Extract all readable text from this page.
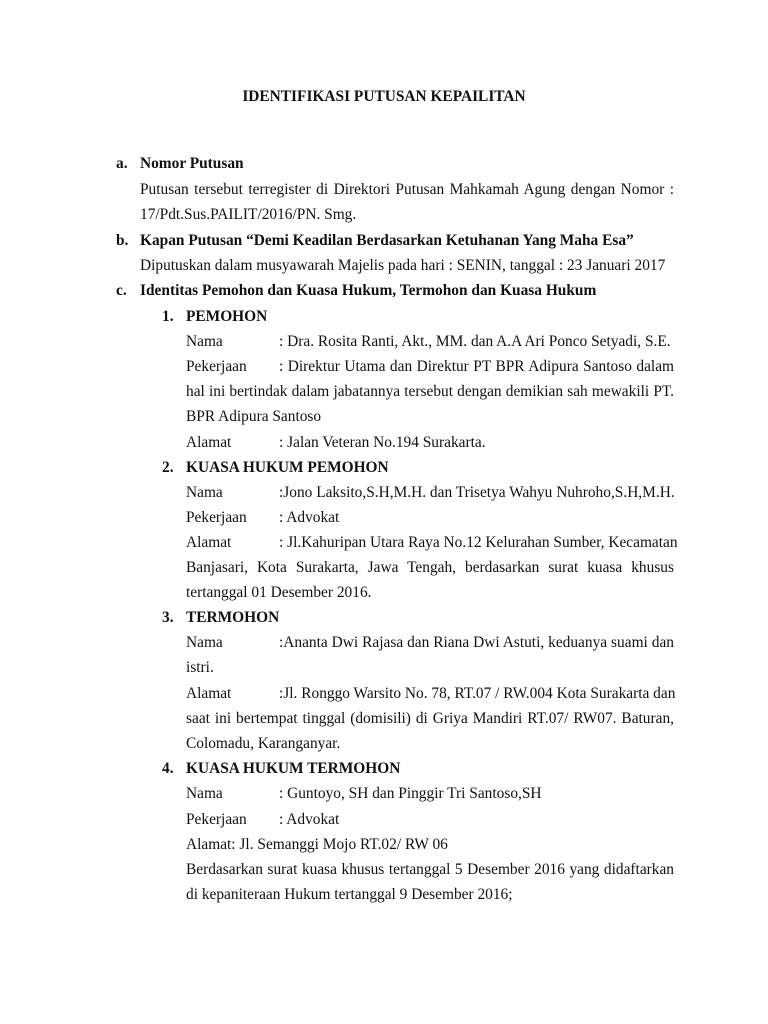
IDENTIFIKASI PUTUSAN KEPAILITAN
a. Nomor Putusan
Putusan tersebut terregister di Direktori Putusan Mahkamah Agung dengan Nomor :
17/Pdt.Sus.PAILIT/2016/PN. Smg.
b. Kapan Putusan “Demi Keadilan Berdasarkan Ketuhanan Yang Maha Esa”
Diputuskan dalam musyawarah Majelis pada hari : SENIN, tanggal : 23 Januari 2017
c. Identitas Pemohon dan Kuasa Hukum, Termohon dan Kuasa Hukum
1. PEMOHON
Nama	: Dra. Rosita Ranti, Akt., MM. dan A.A Ari Ponco Setyadi, S.E.
Pekerjaan : Direktur Utama dan Direktur PT BPR Adipura Santoso dalam
hal ini bertindak dalam jabatannya tersebut dengan demikian sah mewakili PT.
BPR Adipura Santoso
Alamat	: Jalan Veteran No.194 Surakarta.
2. KUASA HUKUM PEMOHON
Nama	:Jono Laksito,S.H,M.H. dan Trisetya Wahyu Nuhroho,S.H,M.H.
Pekerjaan : Advokat
Alamat	: Jl.Kahuripan Utara Raya No.12 Kelurahan Sumber, Kecamatan
Banjasari, Kota Surakarta, Jawa Tengah, berdasarkan surat kuasa khusus
tertanggal 01 Desember 2016.
3. TERMOHON
Nama	:Ananta Dwi Rajasa dan Riana Dwi Astuti, keduanya suami dan
istri.
Alamat	:Jl. Ronggo Warsito No. 78, RT.07 / RW.004 Kota Surakarta dan
saat ini bertempat tinggal (domisili) di Griya Mandiri RT.07/ RW07. Baturan,
Colomadu, Karanganyar.
4. KUASA HUKUM TERMOHON
Nama	: Guntoyo, SH dan Pinggir Tri Santoso,SH
Pekerjaan : Advokat
Alamat: Jl. Semanggi Mojo RT.02/ RW 06
Berdasarkan surat kuasa khusus tertanggal 5 Desember 2016 yang didaftarkan
di kepaniteraan Hukum tertanggal 9 Desember 2016;
